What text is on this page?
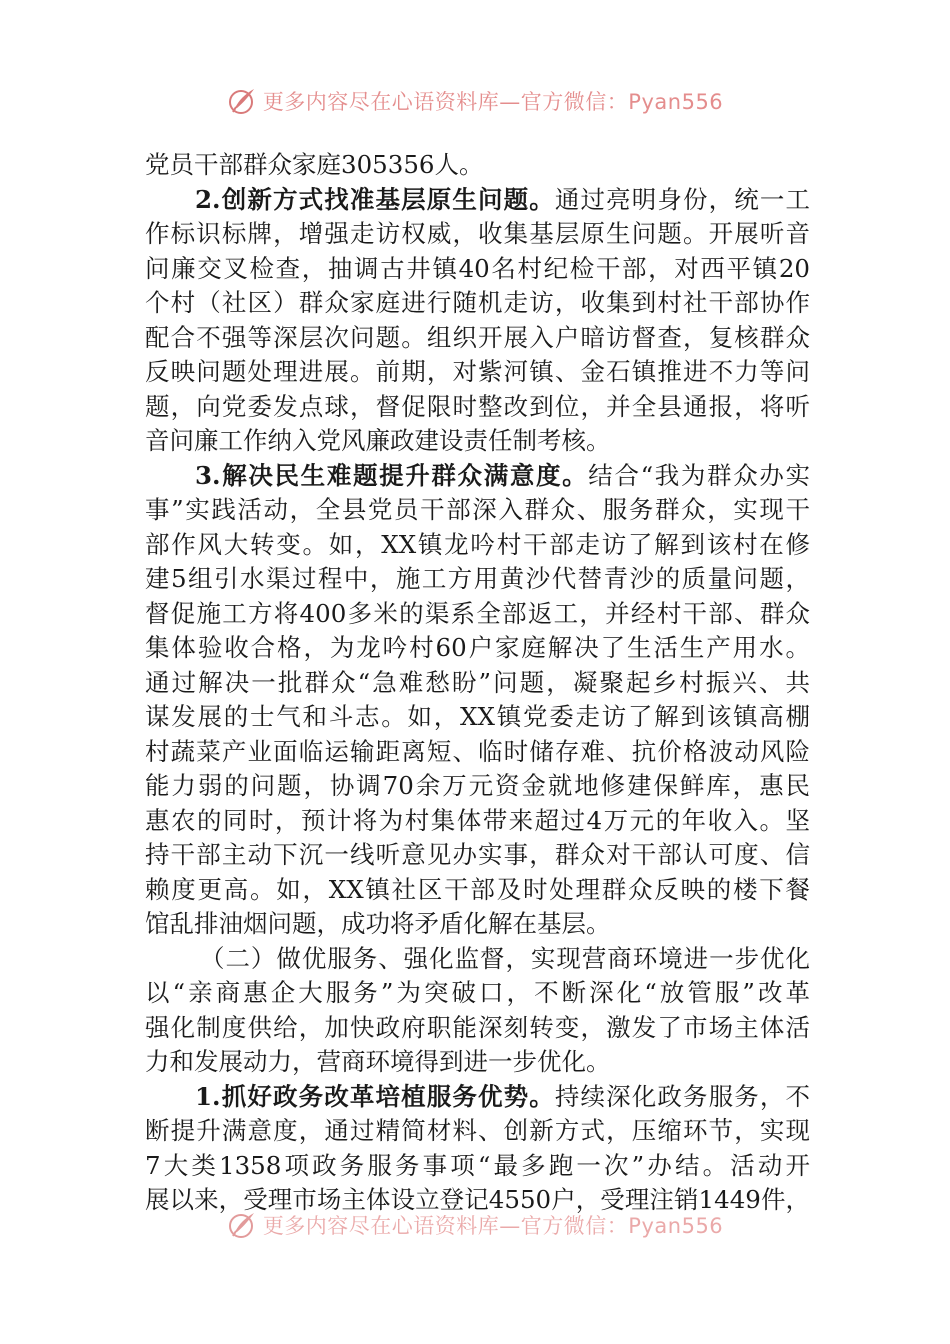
更多内容尽在心语资料库—官方微信：Pyan556
党员干部群众家庭305356人。
2.创新方式找准基层原生问题。通过亮明身份，统一工
作标识标牌，增强走访权威，收集基层原生问题。开展听音
问廉交叉检查，抽调古井镇40名村纪检干部，对西平镇20
个村（社区）群众家庭进行随机走访，收集到村社干部协作
配合不强等深层次问题。组织开展入户暗访督查，复核群众
反映问题处理进展。前期，对紫河镇、金石镇推进不力等问
题，向党委发点球，督促限时整改到位，并全县通报，将听
音问廉工作纳入党风廉政建设责任制考核。
3.解决民生难题提升群众满意度。结合“我为群众办实
事”实践活动，全县党员干部深入群众、服务群众，实现干
部作风大转变。如，XX镇龙吟村干部走访了解到该村在修
建5组引水渠过程中，施工方用黄沙代替青沙的质量问题，
督促施工方将400多米的渠系全部返工，并经村干部、群众
集体验收合格，为龙吟村60户家庭解决了生活生产用水。
通过解决一批群众“急难愁盼”问题，凝聚起乡村振兴、共
谋发展的士气和斗志。如，XX镇党委走访了解到该镇高棚
村蔬菜产业面临运输距离短、临时储存难、抗价格波动风险
能力弱的问题，协调70余万元资金就地修建保鲜库，惠民
惠农的同时，预计将为村集体带来超过4万元的年收入。坚
持干部主动下沉一线听意见办实事，群众对干部认可度、信
赖度更高。如，XX镇社区干部及时处理群众反映的楼下餐
馆乱排油烟问题，成功将矛盾化解在基层。
（二）做优服务、强化监督，实现营商环境进一步优化
以“亲商惠企大服务”为突破口，不断深化“放管服”改革
强化制度供给，加快政府职能深刻转变，激发了市场主体活
力和发展动力，营商环境得到进一步优化。
1.抓好政务改革培植服务优势。持续深化政务服务，不
断提升满意度，通过精简材料、创新方式，压缩环节，实现
7大类1358项政务服务事项“最多跑一次”办结。活动开
展以来，受理市场主体设立登记4550户，受理注销1449件，
更多内容尽在心语资料库—官方微信：Pyan556
